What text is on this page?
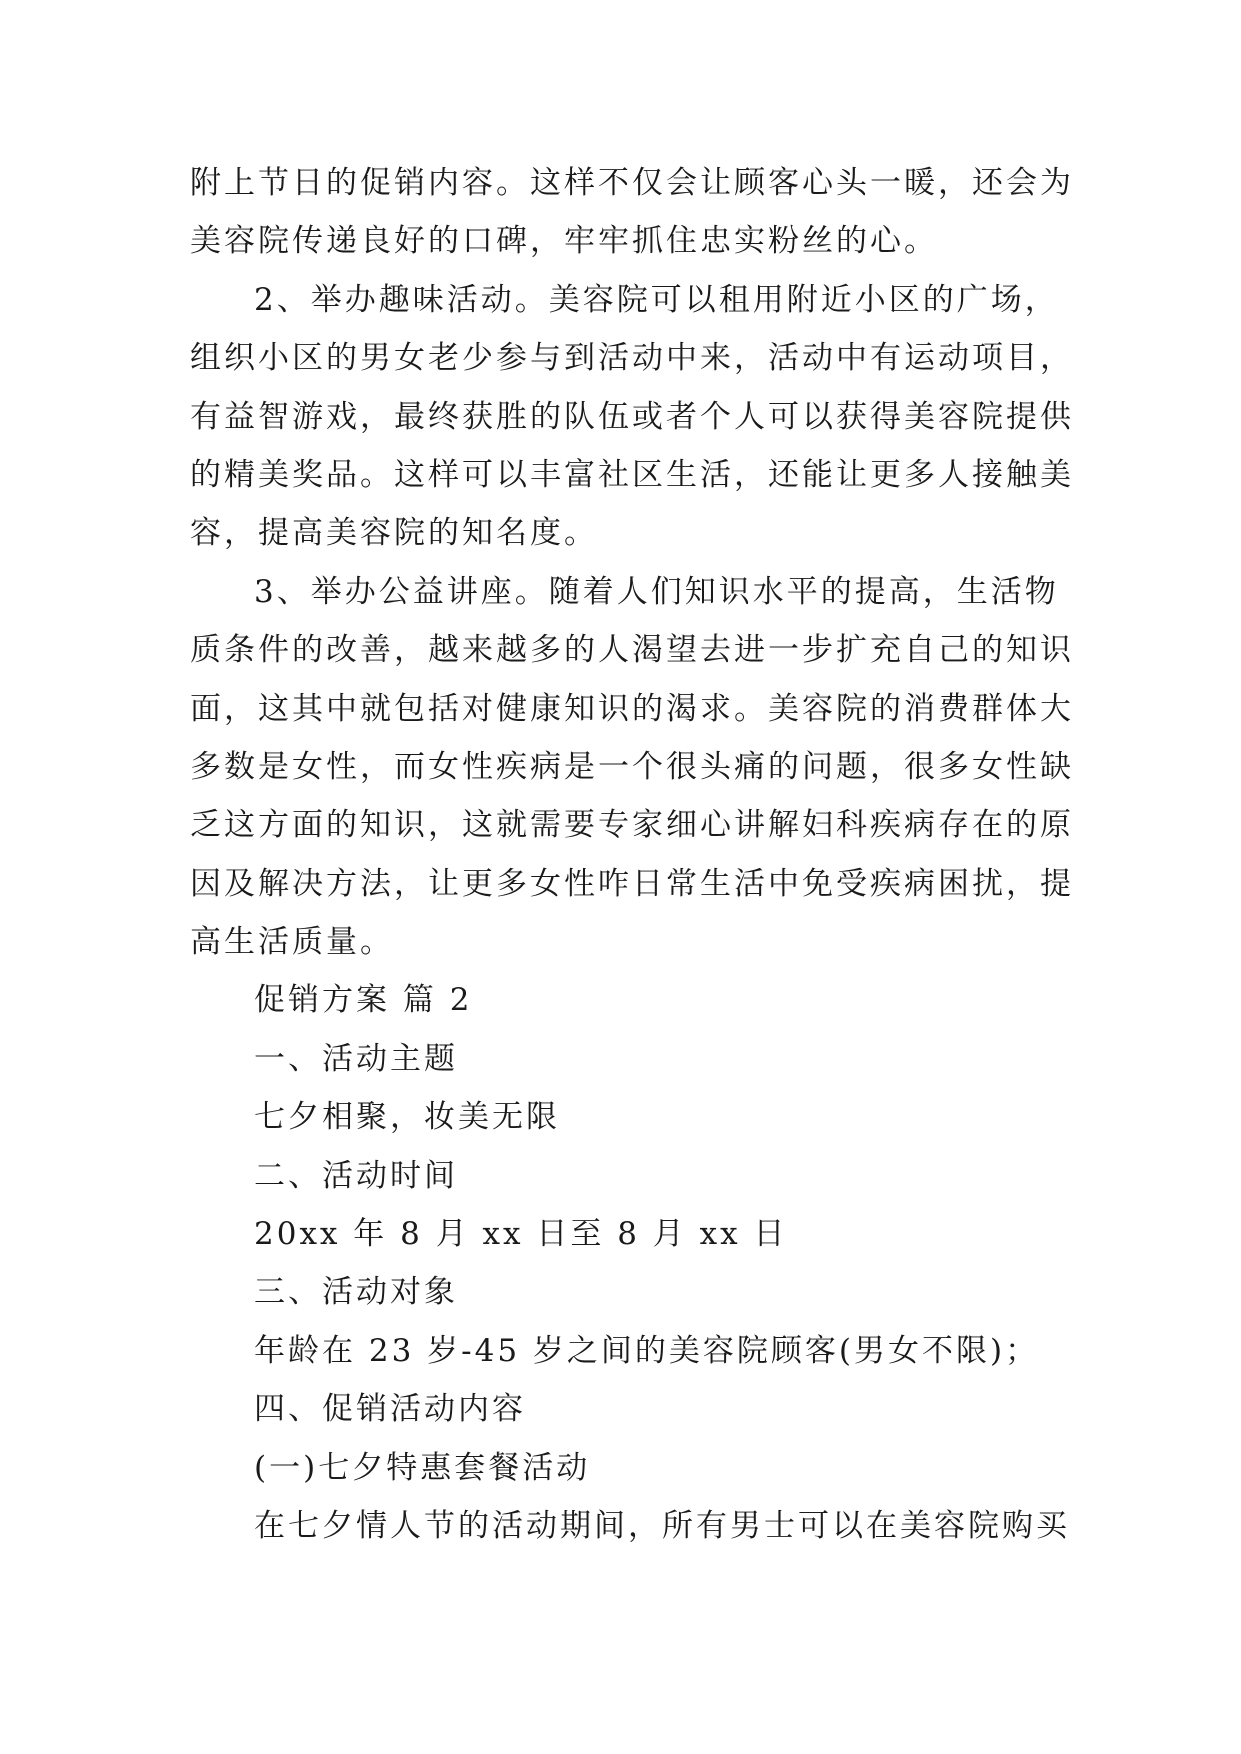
附上节日的促销内容。这样不仅会让顾客心头一暖，还会为
美容院传递良好的口碑，牢牢抓住忠实粉丝的心。
2、举办趣味活动。美容院可以租用附近小区的广场，
组织小区的男女老少参与到活动中来，活动中有运动项目，
有益智游戏，最终获胜的队伍或者个人可以获得美容院提供
的精美奖品。这样可以丰富社区生活，还能让更多人接触美
容，提高美容院的知名度。
3、举办公益讲座。随着人们知识水平的提高，生活物
质条件的改善，越来越多的人渴望去进一步扩充自己的知识
面，这其中就包括对健康知识的渴求。美容院的消费群体大
多数是女性，而女性疾病是一个很头痛的问题，很多女性缺
乏这方面的知识，这就需要专家细心讲解妇科疾病存在的原
因及解决方法，让更多女性咋日常生活中免受疾病困扰，提
高生活质量。
促销方案 篇 2
一、活动主题
七夕相聚，妆美无限
二、活动时间
20xx 年 8 月 xx 日至 8 月 xx 日
三、活动对象
年龄在 23 岁-45 岁之间的美容院顾客(男女不限)；
四、促销活动内容
(一)七夕特惠套餐活动
在七夕情人节的活动期间，所有男士可以在美容院购买
